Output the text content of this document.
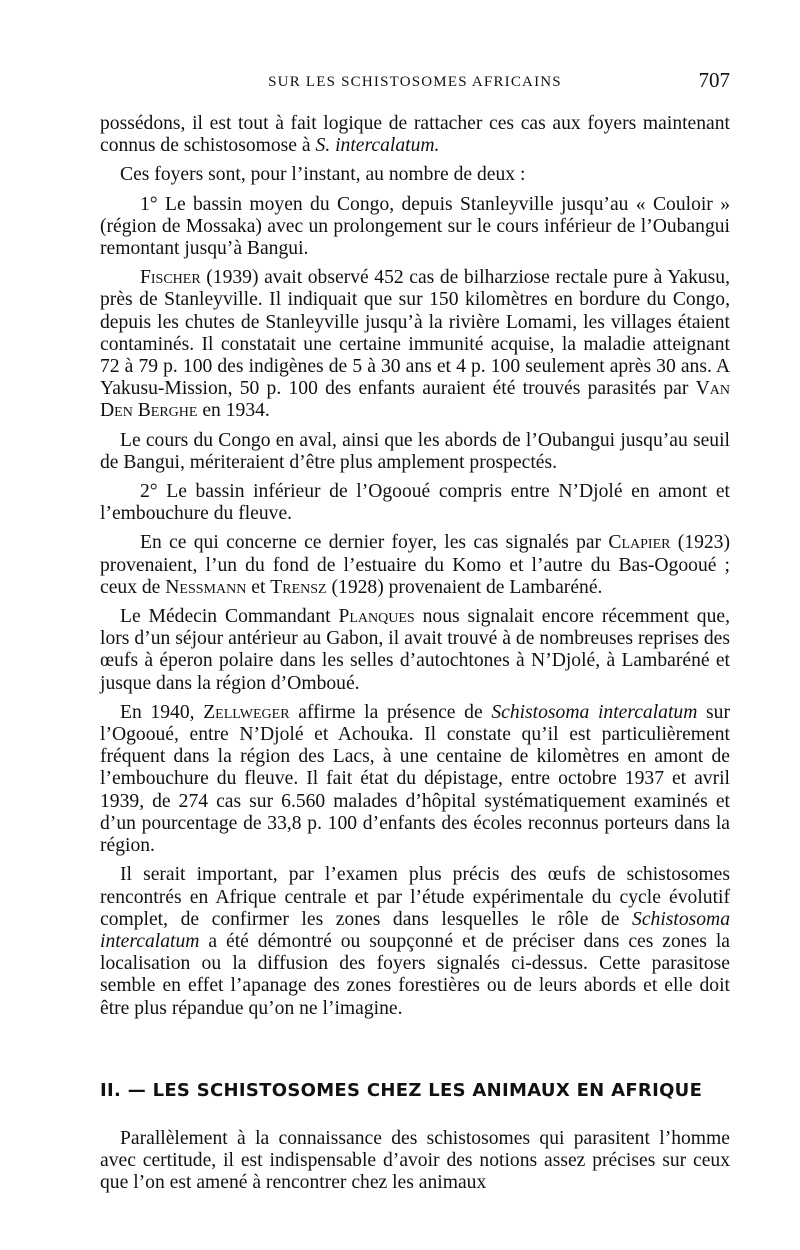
SUR LES SCHISTOSOMES AFRICAINS	707

possédons, il est tout à fait logique de rattacher ces cas aux foyers maintenant connus de schistosomose à S. intercalatum.

Ces foyers sont, pour l’instant, au nombre de deux :

1° Le bassin moyen du Congo, depuis Stanleyville jusqu’au « Couloir » (région de Mossaka) avec un prolongement sur le cours inférieur de l’Oubangui remontant jusqu’à Bangui.

Fischer (1939) avait observé 452 cas de bilharziose rectale pure à Yakusu, près de Stanleyville. Il indiquait que sur 150 kilomètres en bordure du Congo, depuis les chutes de Stanleyville jusqu’à la rivière Lomami, les villages étaient contaminés. Il constatait une certaine immunité acquise, la maladie atteignant 72 à 79 p. 100 des indigènes de 5 à 30 ans et 4 p. 100 seulement après 30 ans. A Yakusu-Mission, 50 p. 100 des enfants auraient été trouvés parasités par Van Den Berghe en 1934.

Le cours du Congo en aval, ainsi que les abords de l’Oubangui jusqu’au seuil de Bangui, mériteraient d’être plus amplement prospectés.

2° Le bassin inférieur de l’Ogooué compris entre N’Djolé en amont et l’embouchure du fleuve.

En ce qui concerne ce dernier foyer, les cas signalés par Clapier (1923) provenaient, l’un du fond de l’estuaire du Komo et l’autre du Bas-Ogooué ; ceux de Nessmann et Trensz (1928) provenaient de Lambaréné.

Le Médecin Commandant Planques nous signalait encore récemment que, lors d’un séjour antérieur au Gabon, il avait trouvé à de nombreuses reprises des œufs à éperon polaire dans les selles d’autochtones à N’Djolé, à Lambaréné et jusque dans la région d’Omboué.

En 1940, Zellweger affirme la présence de Schistosoma intercalatum sur l’Ogooué, entre N’Djolé et Achouka. Il constate qu’il est particulièrement fréquent dans la région des Lacs, à une centaine de kilomètres en amont de l’embouchure du fleuve. Il fait état du dépistage, entre octobre 1937 et avril 1939, de 274 cas sur 6.560 malades d’hôpital systématiquement examinés et d’un pourcentage de 33,8 p. 100 d’enfants des écoles reconnus porteurs dans la région.

Il serait important, par l’examen plus précis des œufs de schistosomes rencontrés en Afrique centrale et par l’étude expérimentale du cycle évolutif complet, de confirmer les zones dans lesquelles le rôle de Schistosoma intercalatum a été démontré ou soupçonné et de préciser dans ces zones la localisation ou la diffusion des foyers signalés ci-dessus. Cette parasitose semble en effet l’apanage des zones forestières ou de leurs abords et elle doit être plus répandue qu’on ne l’imagine.

II. — LES SCHISTOSOMES CHEZ LES ANIMAUX EN AFRIQUE

Parallèlement à la connaissance des schistosomes qui parasitent l’homme avec certitude, il est indispensable d’avoir des notions assez précises sur ceux que l’on est amené à rencontrer chez les animaux
